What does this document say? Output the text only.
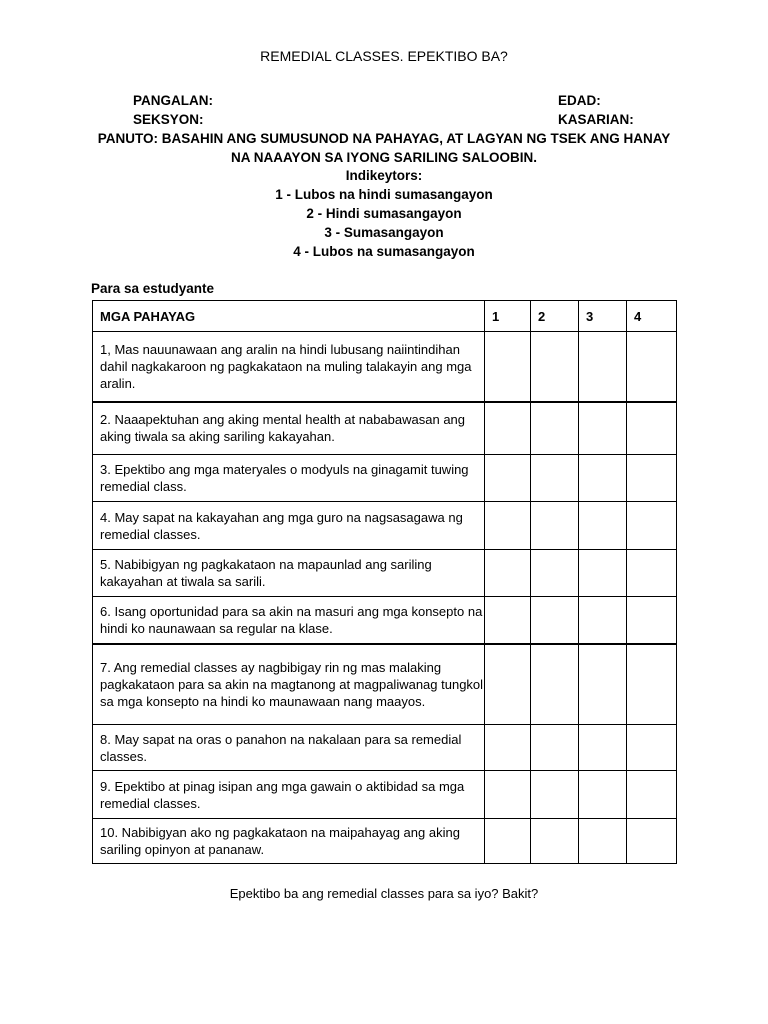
REMEDIAL CLASSES. EPEKTIBO BA?
PANGALAN:	EDAD:
SEKSYON:	KASARIAN:
PANUTO: BASAHIN ANG SUMUSUNOD NA PAHAYAG, AT LAGYAN NG TSEK ANG HANAY
NA NAAAYON SA IYONG SARILING SALOOBIN.
Indikeytors:
1 - Lubos na hindi sumasangayon
2 - Hindi sumasangayon
3 - Sumasangayon
4 - Lubos na sumasangayon
Para sa estudyante
MGA PAHAYAG	1	2	3	4
1, Mas nauunawaan ang aralin na hindi lubusang naiintindihan dahil nagkakaroon ng pagkakataon na muling talakayin ang mga aralin.				
2. Naaapektuhan ang aking mental health at nababawasan ang aking tiwala sa aking sariling kakayahan.				
3. Epektibo ang mga materyales o modyuls na ginagamit tuwing remedial class.				
4. May sapat na kakayahan ang mga guro na nagsasagawa ng remedial classes.				
5. Nabibigyan ng pagkakataon na mapaunlad ang sariling kakayahan at tiwala sa sarili.				
6. Isang oportunidad para sa akin na masuri ang mga konsepto na hindi ko naunawaan sa regular na klase.				
7. Ang remedial classes ay nagbibigay rin ng mas malaking pagkakataon para sa akin na magtanong at magpaliwanag tungkol sa mga konsepto na hindi ko maunawaan nang maayos.				
8. May sapat na oras o panahon na nakalaan para sa remedial classes.				
9. Epektibo at pinag isipan ang mga gawain o aktibidad sa mga remedial classes.				
10. Nabibigyan ako ng pagkakataon na maipahayag ang aking sariling opinyon at pananaw.				
Epektibo ba ang remedial classes para sa iyo? Bakit?
